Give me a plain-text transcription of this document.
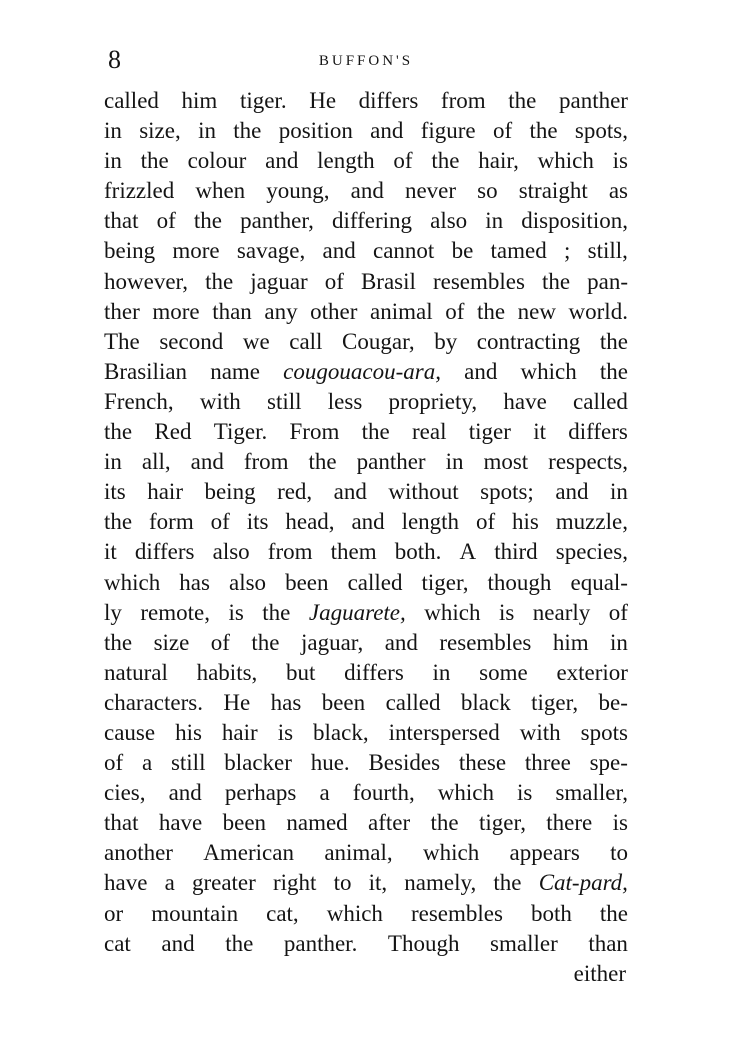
8	BUFFON'S
called him tiger. He differs from the panther
in size, in the position and figure of the spots,
in the colour and length of the hair, which is
frizzled when young, and never so straight as
that of the panther, differing also in disposition,
being more savage, and cannot be tamed ; still,
however, the jaguar of Brasil resembles the pan-
ther more than any other animal of the new world.
The second we call Cougar, by contracting the
Brasilian name cougouacou-ara, and which the
French, with still less propriety, have called
the Red Tiger. From the real tiger it differs
in all, and from the panther in most respects,
its hair being red, and without spots; and in
the form of its head, and length of his muzzle,
it differs also from them both. A third species,
which has also been called tiger, though equal-
ly remote, is the Jaguarete, which is nearly of
the size of the jaguar, and resembles him in
natural habits, but differs in some exterior
characters. He has been called black tiger, be-
cause his hair is black, interspersed with spots
of a still blacker hue. Besides these three spe-
cies, and perhaps a fourth, which is smaller,
that have been named after the tiger, there is
another American animal, which appears to
have a greater right to it, namely, the Cat-pard,
or mountain cat, which resembles both the
cat and the panther. Though smaller than
either
